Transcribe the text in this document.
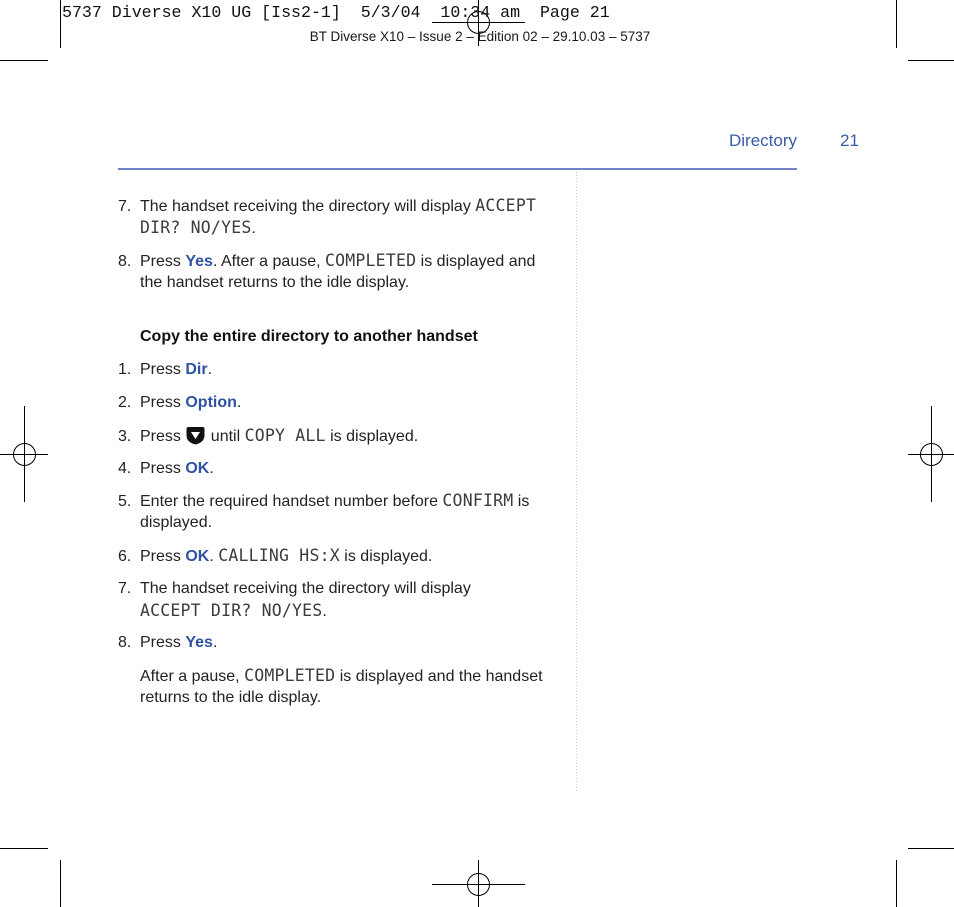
5737 Diverse X10 UG [Iss2-1]  5/3/04  10:34 am  Page 21
BT Diverse X10 – Issue 2 – Edition 02 – 29.10.03 – 5737
Directory	21
7. The handset receiving the directory will display ACCEPT
DIR? NO/YES.
8. Press Yes. After a pause, COMPLETED is displayed and
the handset returns to the idle display.
Copy the entire directory to another handset
1. Press Dir.
2. Press Option.
3. Press
until COPY ALL is displayed.
4. Press OK.
5. Enter the required handset number before CONFIRM is
displayed.
6. Press OK. CALLING HS:X is displayed.
7. The handset receiving the directory will display
ACCEPT DIR? NO/YES.
8. Press Yes.
After a pause, COMPLETED is displayed and the handset
returns to the idle display.
